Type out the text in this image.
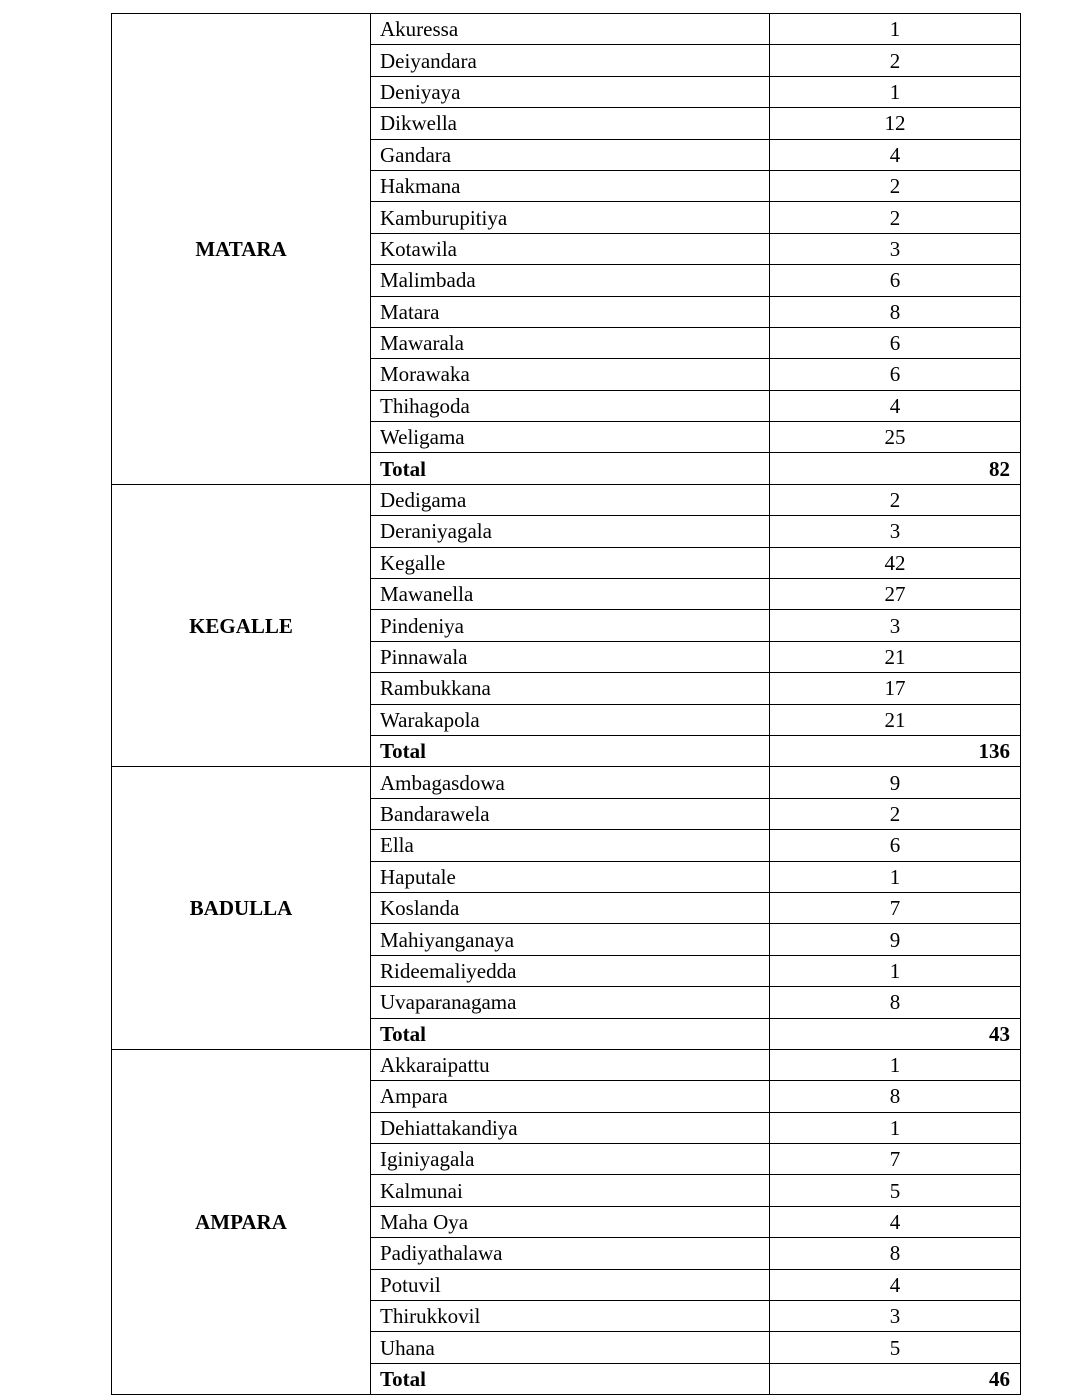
MATARA	Akuressa	1
	Deiyandara	2
	Deniyaya	1
	Dikwella	12
	Gandara	4
	Hakmana	2
	Kamburupitiya	2
	Kotawila	3
	Malimbada	6
	Matara	8
	Mawarala	6
	Morawaka	6
	Thihagoda	4
	Weligama	25
	Total	82
KEGALLE	Dedigama	2
	Deraniyagala	3
	Kegalle	42
	Mawanella	27
	Pindeniya	3
	Pinnawala	21
	Rambukkana	17
	Warakapola	21
	Total	136
BADULLA	Ambagasdowa	9
	Bandarawela	2
	Ella	6
	Haputale	1
	Koslanda	7
	Mahiyanganaya	9
	Rideemaliyedda	1
	Uvaparanagama	8
	Total	43
AMPARA	Akkaraipattu	1
	Ampara	8
	Dehiattakandiya	1
	Iginiyagala	7
	Kalmunai	5
	Maha Oya	4
	Padiyathalawa	8
	Potuvil	4
	Thirukkovil	3
	Uhana	5
	Total	46
